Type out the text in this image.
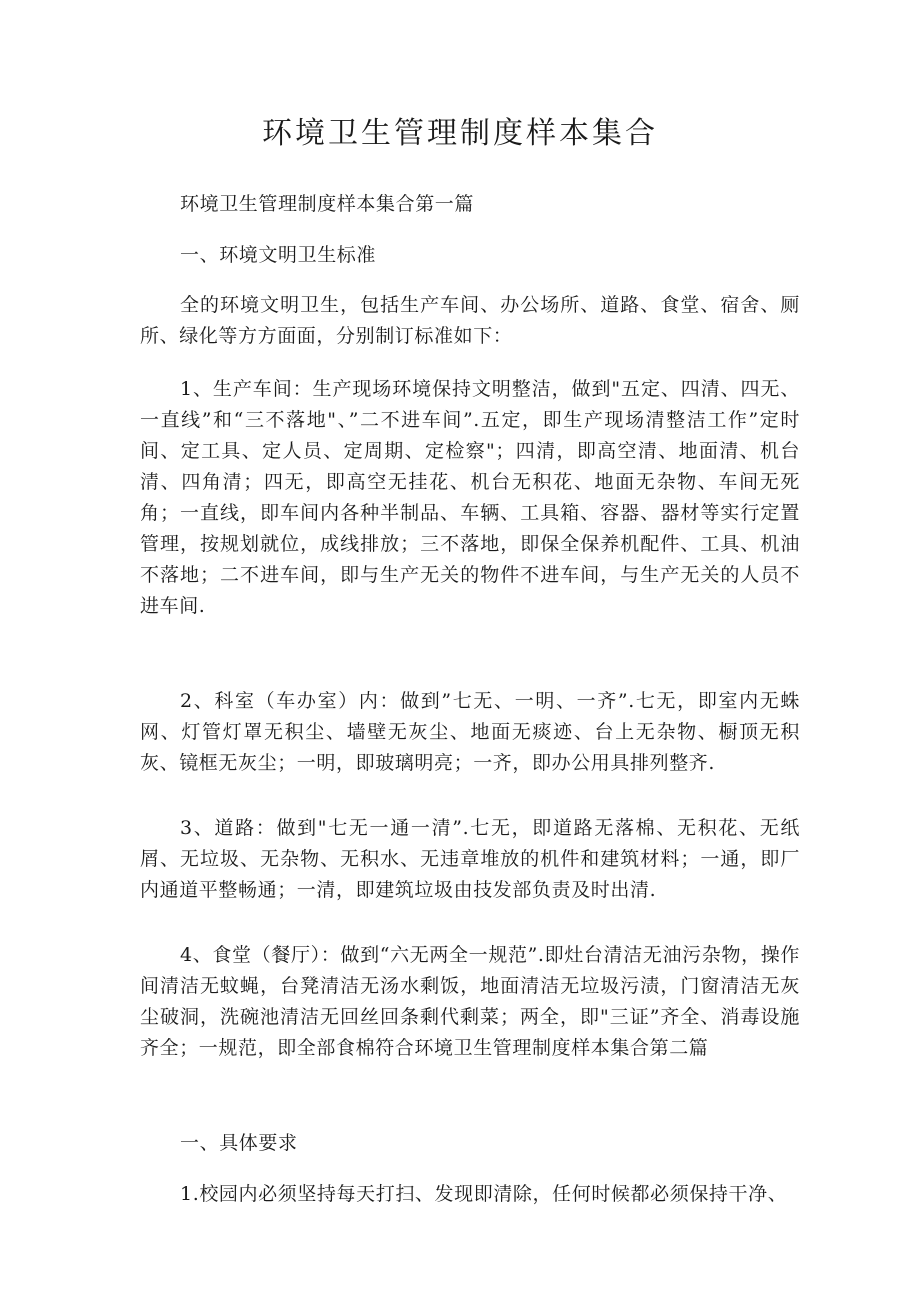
环境卫生管理制度样本集合

环境卫生管理制度样本集合第一篇

一、环境文明卫生标准

全的环境文明卫生，包括生产车间、办公场所、道路、食堂、宿舍、厕所、绿化等方方面面，分别制订标准如下：

1、生产车间：生产现场环境保持文明整洁，做到"五定、四清、四无、一直线”和“三不落地"、”二不进车间”.五定，即生产现场清整洁工作”定时间、定工具、定人员、定周期、定检察"；四清，即高空清、地面清、机台清、四角清；四无，即高空无挂花、机台无积花、地面无杂物、车间无死角；一直线，即车间内各种半制品、车辆、工具箱、容器、器材等实行定置管理，按规划就位，成线排放；三不落地，即保全保养机配件、工具、机油不落地；二不进车间，即与生产无关的物件不进车间，与生产无关的人员不进车间.

2、科室（车办室）内：做到”七无、一明、一齐”.七无，即室内无蛛网、灯管灯罩无积尘、墙壁无灰尘、地面无痰迹、台上无杂物、橱顶无积灰、镜框无灰尘；一明，即玻璃明亮；一齐，即办公用具排列整齐.

3、道路：做到"七无一通一清”.七无，即道路无落棉、无积花、无纸屑、无垃圾、无杂物、无积水、无违章堆放的机件和建筑材料；一通，即厂内通道平整畅通；一清，即建筑垃圾由技发部负责及时出清.

4、食堂（餐厅）：做到“六无两全一规范”.即灶台清洁无油污杂物，操作间清洁无蚊蝇，台凳清洁无汤水剩饭，地面清洁无垃圾污渍，门窗清洁无灰尘破洞，洗碗池清洁无回丝回条剩代剩菜；两全，即"三证”齐全、消毒设施齐全；一规范，即全部食棉符合环境卫生管理制度样本集合第二篇

一、具体要求

1.校园内必须坚持每天打扫、发现即清除，任何时候都必须保持干净、
